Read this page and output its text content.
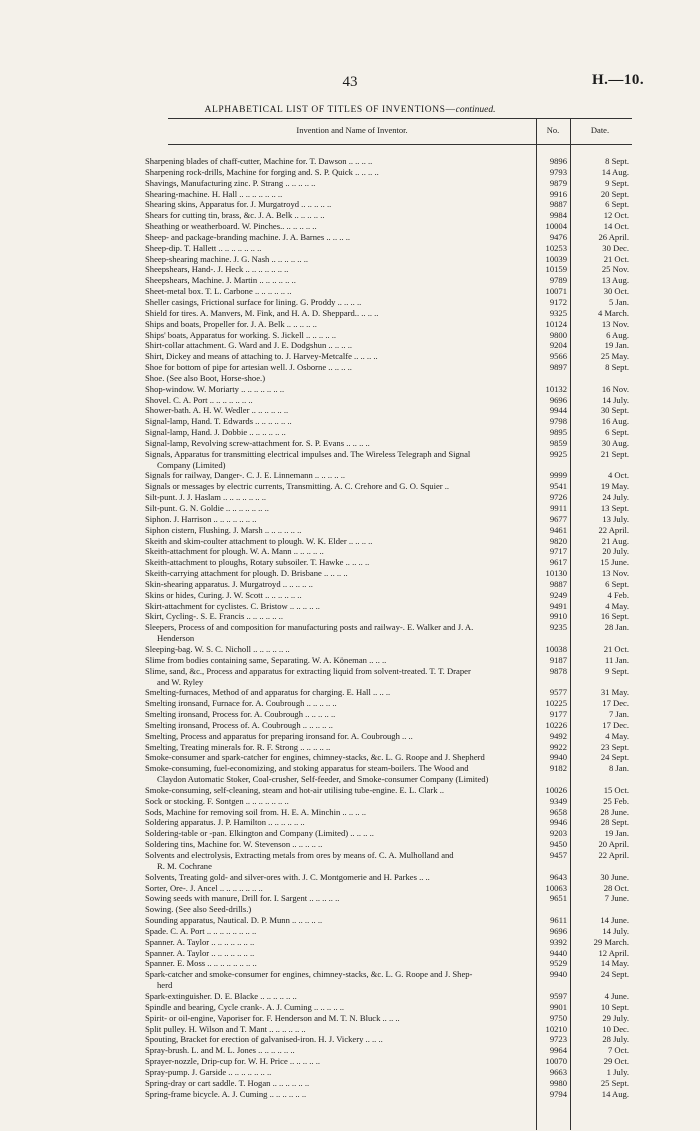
43	H.—10.
ALPHABETICAL LIST OF TITLES OF INVENTIONS—continued.
Invention and Name of Inventor.	No.	Date.
Sharpening blades of chaff-cutter, Machine for. T. Dawson .. .. .. ..	9896	8 Sept.
Sharpening rock-drills, Machine for forging and. S. P. Quick .. .. .. ..	9793	14 Aug.
Shavings, Manufacturing zinc. P. Strang .. .. .. .. ..	9879	9 Sept.
Shearing-machine. H. Hall .. .. .. .. .. .. ..	9916	20 Sept.
Shearing skins, Apparatus for. J. Murgatroyd .. .. .. .. ..	9887	6 Sept.
Shears for cutting tin, brass, &c. J. A. Belk .. .. .. .. ..	9984	12 Oct.
Sheathing or weatherboard. W. Pinches.. .. .. .. .. ..	10004	14 Oct.
Sheep- and package-branding machine. J. A. Barnes .. .. .. ..	9476	26 April.
Sheep-dip. T. Hallett .. .. .. .. .. .. ..	10253	30 Dec.
Sheep-shearing machine. J. G. Nash .. .. .. .. .. ..	10039	21 Oct.
Sheepshears, Hand-. J. Heck .. .. .. .. .. .. ..	10159	25 Nov.
Sheepshears, Machine. J. Martin .. .. .. .. .. ..	9789	13 Aug.
Sheet-metal box. T. L. Carbone .. .. .. .. .. ..	10071	30 Oct.
Sheller casings, Frictional surface for lining. G. Proddy .. .. .. ..	9172	5 Jan.
Shield for tires. A. Manvers, M. Fink, and H. A. D. Sheppard.. .. .. ..	9325	4 March.
Ships and boats, Propeller for. J. A. Belk .. .. .. .. ..	10124	13 Nov.
Ships' boats, Apparatus for working. S. Jickell .. .. .. .. ..	9800	6 Aug.
Shirt-collar attachment. G. Ward and J. E. Dodgshun .. .. .. ..	9204	19 Jan.
Shirt, Dickey and means of attaching to. J. Harvey-Metcalfe .. .. .. ..	9566	25 May.
Shoe for bottom of pipe for artesian well. J. Osborne .. .. .. ..	9897	8 Sept.
Shoe. (See also Boot, Horse-shoe.)
Shop-window. W. Moriarty .. .. .. .. .. .. ..	10132	16 Nov.
Shovel. C. A. Port .. .. .. .. .. .. ..	9696	14 July.
Shower-bath. A. H. W. Wedler .. .. .. .. .. ..	9944	30 Sept.
Signal-lamp, Hand. T. Edwards .. .. .. .. .. ..	9798	16 Aug.
Signal-lamp, Hand. J. Dobbie .. .. .. .. .. ..	9895	6 Sept.
Signal-lamp, Revolving screw-attachment for. S. P. Evans .. .. .. ..	9859	30 Aug.
Signals, Apparatus for transmitting electrical impulses and. The Wireless Telegraph and Signal	9925	21 Sept.
Company (Limited)
Signals for railway, Danger-. C. J. E. Linnemann .. .. .. .. ..	9999	4 Oct.
Signals or messages by electric currents, Transmitting. A. C. Crehore and G. O. Squier ..	9541	19 May.
Silt-punt. J. J. Haslam .. .. .. .. .. .. ..	9726	24 July.
Silt-punt. G. N. Goldie .. .. .. .. .. .. ..	9911	13 Sept.
Siphon. J. Harrison .. .. .. .. .. .. ..	9677	13 July.
Siphon cistern, Flushing. J. Marsh .. .. .. .. .. ..	9461	22 April.
Skeith and skim-coulter attachment to plough. W. K. Elder .. .. .. ..	9820	21 Aug.
Skeith-attachment for plough. W. A. Mann .. .. .. .. ..	9717	20 July.
Skeith-attachment to ploughs, Rotary subsoiler. T. Hawke .. .. .. ..	9617	15 June.
Skeith-carrying attachment for plough. D. Brisbane .. .. .. ..	10130	13 Nov.
Skin-shearing apparatus. J. Murgatroyd .. .. .. .. ..	9887	6 Sept.
Skins or hides, Curing. J. W. Scott .. .. .. .. .. ..	9249	4 Feb.
Skirt-attachment for cyclistes. C. Bristow .. .. .. .. ..	9491	4 May.
Skirt, Cycling-. S. E. Francis .. .. .. .. .. ..	9910	16 Sept.
Sleepers, Process of and composition for manufacturing posts and railway-. E. Walker and J. A.	9235	28 Jan.
Henderson
Sleeping-bag. W. S. C. Nicholl .. .. .. .. .. ..	10038	21 Oct.
Slime from bodies containing same, Separating. W. A. Köneman .. .. ..	9187	11 Jan.
Slime, sand, &c., Process and apparatus for extracting liquid from solvent-treated. T. T. Draper	9878	9 Sept.
and W. Ryley
Smelting-furnaces, Method of and apparatus for charging. E. Hall .. .. ..	9577	31 May.
Smelting ironsand, Furnace for. A. Coubrough .. .. .. .. ..	10225	17 Dec.
Smelting ironsand, Process for. A. Coubrough .. .. .. .. ..	9177	7 Jan.
Smelting ironsand, Process of. A. Coubrough .. .. .. .. ..	10226	17 Dec.
Smelting, Process and apparatus for preparing ironsand for. A. Coubrough .. ..	9492	4 May.
Smelting, Treating minerals for. R. F. Strong .. .. .. .. ..	9922	23 Sept.
Smoke-consumer and spark-catcher for engines, chimney-stacks, &c. L. G. Roope and J. Shepherd	9940	24 Sept.
Smoke-consuming, fuel-economizing, and stoking apparatus for steam-boilers. The Wood and	9182	8 Jan.
Claydon Automatic Stoker, Coal-crusher, Self-feeder, and Smoke-consumer Company (Limited)
Smoke-consuming, self-cleaning, steam and hot-air utilising tube-engine. E. L. Clark ..	10026	15 Oct.
Sock or stocking. F. Sontgen .. .. .. .. .. .. ..	9349	25 Feb.
Sods, Machine for removing soil from. H. E. A. Minchin .. .. .. ..	9658	28 June.
Soldering apparatus. J. P. Hamilton .. .. .. .. .. ..	9946	28 Sept.
Soldering-table or -pan. Elkington and Company (Limited) .. .. .. ..	9203	19 Jan.
Soldering tins, Machine for. W. Stevenson .. .. .. .. ..	9450	20 April.
Solvents and electrolysis, Extracting metals from ores by means of. C. A. Mulholland and	9457	22 April.
R. M. Cochrane
Solvents, Treating gold- and silver-ores with. J. C. Montgomerie and H. Parkes .. ..	9643	30 June.
Sorter, Ore-. J. Ancel .. .. .. .. .. .. ..	10063	28 Oct.
Sowing seeds with manure, Drill for. I. Sargent .. .. .. .. ..	9651	7 June.
Sowing. (See also Seed-drills.)
Sounding apparatus, Nautical. D. P. Munn .. .. .. .. ..	9611	14 June.
Spade. C. A. Port .. .. .. .. .. .. .. ..	9696	14 July.
Spanner. A. Taylor .. .. .. .. .. .. ..	9392	29 March.
Spanner. A. Taylor .. .. .. .. .. .. ..	9440	12 April.
Spanner. E. Moss .. .. .. .. .. .. .. ..	9529	14 May.
Spark-catcher and smoke-consumer for engines, chimney-stacks, &c. L. G. Roope and J. Shep-	9940	24 Sept.
herd
Spark-extinguisher. D. E. Blacke .. .. .. .. .. ..	9597	4 June.
Spindle and bearing, Cycle crank-. A. J. Cuming .. .. .. .. ..	9901	10 Sept.
Spirit- or oil-engine, Vaporiser for. F. Henderson and M. T. N. Bluck .. .. ..	9750	29 July.
Split pulley. H. Wilson and T. Mant .. .. .. .. .. ..	10210	10 Dec.
Spouting, Bracket for erection of galvanised-iron. H. J. Vickery .. .. ..	9723	28 July.
Spray-brush. L. and M. L. Jones .. .. .. .. .. ..	9964	7 Oct.
Sprayer-nozzle, Drip-cup for. W. H. Price .. .. .. .. ..	10070	29 Oct.
Spray-pump. J. Garside .. .. .. .. .. .. ..	9663	1 July.
Spring-dray or cart saddle. T. Hogan .. .. .. .. .. ..	9980	25 Sept.
Spring-frame bicycle. A. J. Cuming .. .. .. .. .. ..	9794	14 Aug.
